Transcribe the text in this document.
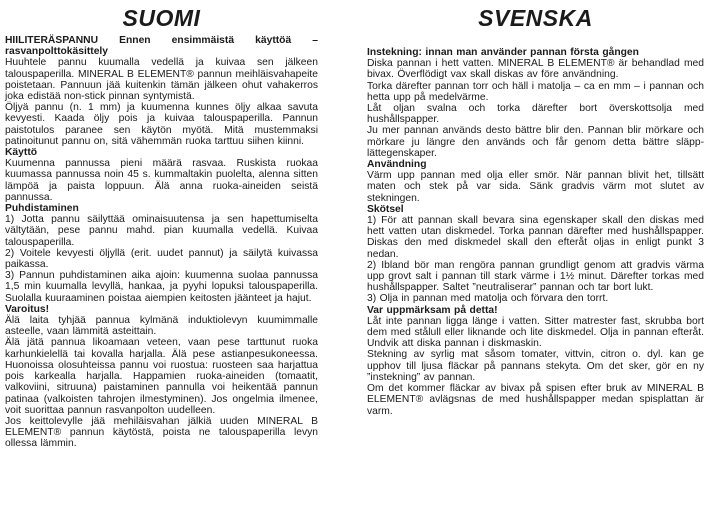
SUOMI

HIILITERÄSPANNU Ennen ensimmäistä käyttöä – rasvanpolttokäsittely

Huuhtele pannu kuumalla vedellä ja kuivaa sen jälkeen talouspaperilla. MINERAL B ELEMENT® pannun meihläisvahapeite poistetaan. Pannuun jää kuitenkin tämän jälkeen ohut vahakerros joka edistää non-stick pinnan syntymistä.

Öljyä pannu (n. 1 mm) ja kuumenna kunnes öljy alkaa savuta kevyesti. Kaada öljy pois ja kuivaa talouspaperilla. Pannun paistotulos paranee sen käytön myötä. Mitä mustemmaksi patinoitunut pannu on, sitä vähemmän ruoka tarttuu siihen kiinni.

Käyttö

Kuumenna pannussa pieni määrä rasvaa. Ruskista ruokaa kuumassa pannussa noin 45 s. kummaltakin puolelta, alenna sitten lämpöä ja paista loppuun. Älä anna ruoka-aineiden seistä pannussa.

Puhdistaminen

1) Jotta pannu säilyttää ominaisuutensa ja sen hapettumiselta vältytään, pese pannu mahd. pian kuumalla vedellä. Kuivaa talouspaperilla.

2) Voitele kevyesti öljyllä (erit. uudet pannut) ja säilytä kuivassa paikassa.

3) Pannun puhdistaminen aika ajoin: kuumenna suolaa pannussa 1,5 min kuumalla levyllä, hankaa, ja pyyhi lopuksi talouspaperilla. Suolalla kuuraaminen poistaa aiempien keitosten jäänteet ja hajut.

Varoitus!

Älä laita tyhjää pannua kylmänä induktiolevyn kuumimmalle asteelle, vaan lämmitä asteittain.

Älä jätä pannua likoamaan veteen, vaan pese tarttunut ruoka karhunkielellä tai kovalla harjalla. Älä pese astianpesukoneessa. Huonoissa olosuhteissa pannu voi ruostua: ruosteen saa harjattua pois karkealla harjalla. Happamien ruoka-aineiden (tomaatit, valkoviini, sitruuna) paistaminen pannulla voi heikentää pannun patinaa (valkoisten tahrojen ilmestyminen). Jos ongelmia ilmenee, voit suorittaa pannun rasvanpolton uudelleen.

Jos keittolevylle jää mehiläisvahan jälkiä uuden MINERAL B ELEMENT® pannun käytöstä, poista ne talouspaperilla levyn ollessa lämmin.

SVENSKA

Instekning: innan man använder pannan första gången

Diska pannan i hett vatten. MINERAL B ELEMENT® är behandlad med bivax. Överflödigt vax skall diskas av före användning.

Torka därefter pannan torr och häll i matolja – ca en mm – i pannan och hetta upp på medelvärme.

Låt oljan svalna och torka därefter bort överskottsolja med hushållspapper.

Ju mer pannan används desto bättre blir den. Pannan blir mörkare och mörkare ju längre den används och får genom detta bättre släpp-lättegenskaper.

Användning

Värm upp pannan med olja eller smör. När pannan blivit het, tillsätt maten och stek på var sida. Sänk gradvis värm mot slutet av stekningen.

Skötsel

1) För att pannan skall bevara sina egenskaper skall den diskas med hett vatten utan diskmedel. Torka pannan därefter med hushållspapper. Diskas den med diskmedel skall den efteråt oljas in enligt punkt 3 nedan.

2) Ibland bör man rengöra pannan grundligt genom att gradvis värma upp grovt salt i pannan till stark värme i 1½ minut. Därefter torkas med hushållspapper. Saltet ”neutraliserar” pannan och tar bort lukt.

3) Olja in pannan med matolja och förvara den torrt.

Var uppmärksam på detta!

Låt inte pannan ligga länge i vatten. Sitter matrester fast, skrubba bort dem med stålull eller liknande och lite diskmedel. Olja in pannan efteråt. Undvik att diska pannan i diskmaskin.

Stekning av syrlig mat såsom tomater, vittvin, citron o. dyl. kan ge upphov till ljusa fläckar på pannans stekyta. Om det sker, gör en ny ”instekning” av pannan.

Om det kommer fläckar av bivax på spisen efter bruk av MINERAL B ELEMENT® avlägsnas de med hushållspapper medan spisplattan är varm.
